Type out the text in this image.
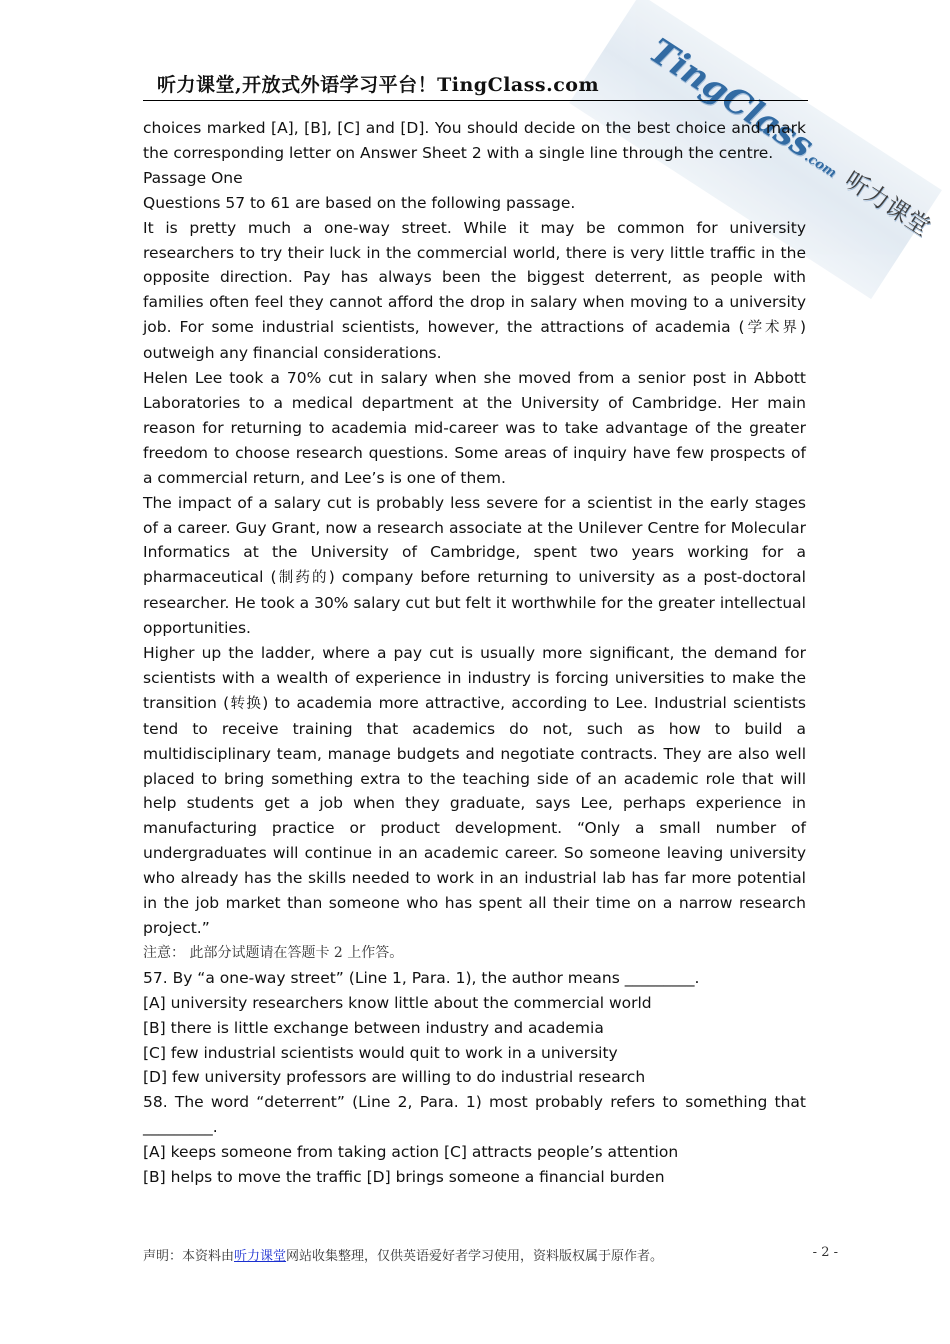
TingClass.com 听力课堂
听力课堂,开放式外语学习平台！TingClass.com

choices marked [A], [B], [C] and [D]. You should decide on the best choice and mark the corresponding letter on Answer Sheet 2 with a single line through the centre.

Passage One

Questions 57 to 61 are based on the following passage.

It is pretty much a one-way street. While it may be common for university researchers to try their luck in the commercial world, there is very little traffic in the opposite direction. Pay has always been the biggest deterrent, as people with families often feel they cannot afford the drop in salary when moving to a university job. For some industrial scientists, however, the attractions of academia (学术界) outweigh any financial considerations.

Helen Lee took a 70% cut in salary when she moved from a senior post in Abbott Laboratories to a medical department at the University of Cambridge. Her main reason for returning to academia mid-career was to take advantage of the greater freedom to choose research questions. Some areas of inquiry have few prospects of a commercial return, and Lee’s is one of them.

The impact of a salary cut is probably less severe for a scientist in the early stages of a career. Guy Grant, now a research associate at the Unilever Centre for Molecular Informatics at the University of Cambridge, spent two years working for a pharmaceutical (制药的) company before returning to university as a post-doctoral researcher. He took a 30% salary cut but felt it worthwhile for the greater intellectual opportunities.

Higher up the ladder, where a pay cut is usually more significant, the demand for scientists with a wealth of experience in industry is forcing universities to make the transition (转换) to academia more attractive, according to Lee. Industrial scientists tend to receive training that academics do not, such as how to build a multidisciplinary team, manage budgets and negotiate contracts. They are also well placed to bring something extra to the teaching side of an academic role that will help students get a job when they graduate, says Lee, perhaps experience in manufacturing practice or product development. “Only a small number of undergraduates will continue in an academic career. So someone leaving university who already has the skills needed to work in an industrial lab has far more potential in the job market than someone who has spent all their time on a narrow research project.”

注意： 此部分试题请在答题卡 2 上作答。

57. By “a one-way street” (Line 1, Para. 1), the author means _________.

[A] university researchers know little about the commercial world

[B] there is little exchange between industry and academia

[C] few industrial scientists would quit to work in a university

[D] few university professors are willing to do industrial research

58. The word “deterrent” (Line 2, Para. 1) most probably refers to something that _________.

[A] keeps someone from taking action [C] attracts people’s attention

[B] helps to move the traffic [D] brings someone a financial burden

声明：本资料由听力课堂网站收集整理，仅供英语爱好者学习使用，资料版权属于原作者。	- 2 -
